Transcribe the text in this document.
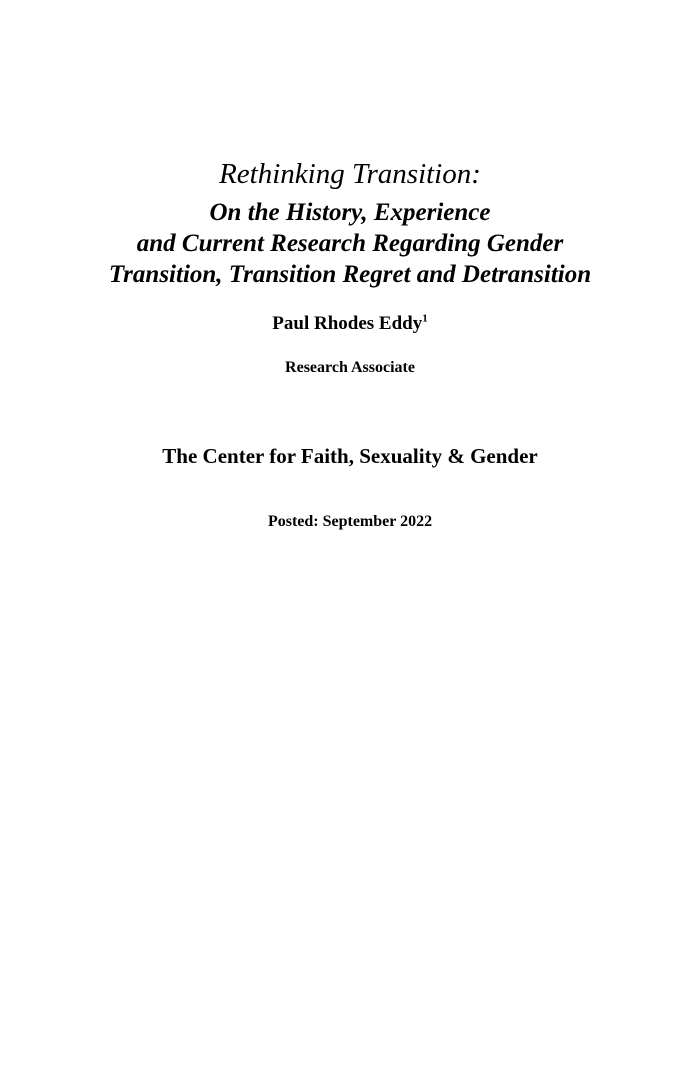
Rethinking Transition:
On the History, Experience
and Current Research Regarding Gender
Transition, Transition Regret and Detransition
Paul Rhodes Eddy$^1$
Research Associate
The Center for Faith, Sexuality & Gender
Posted: September 2022
